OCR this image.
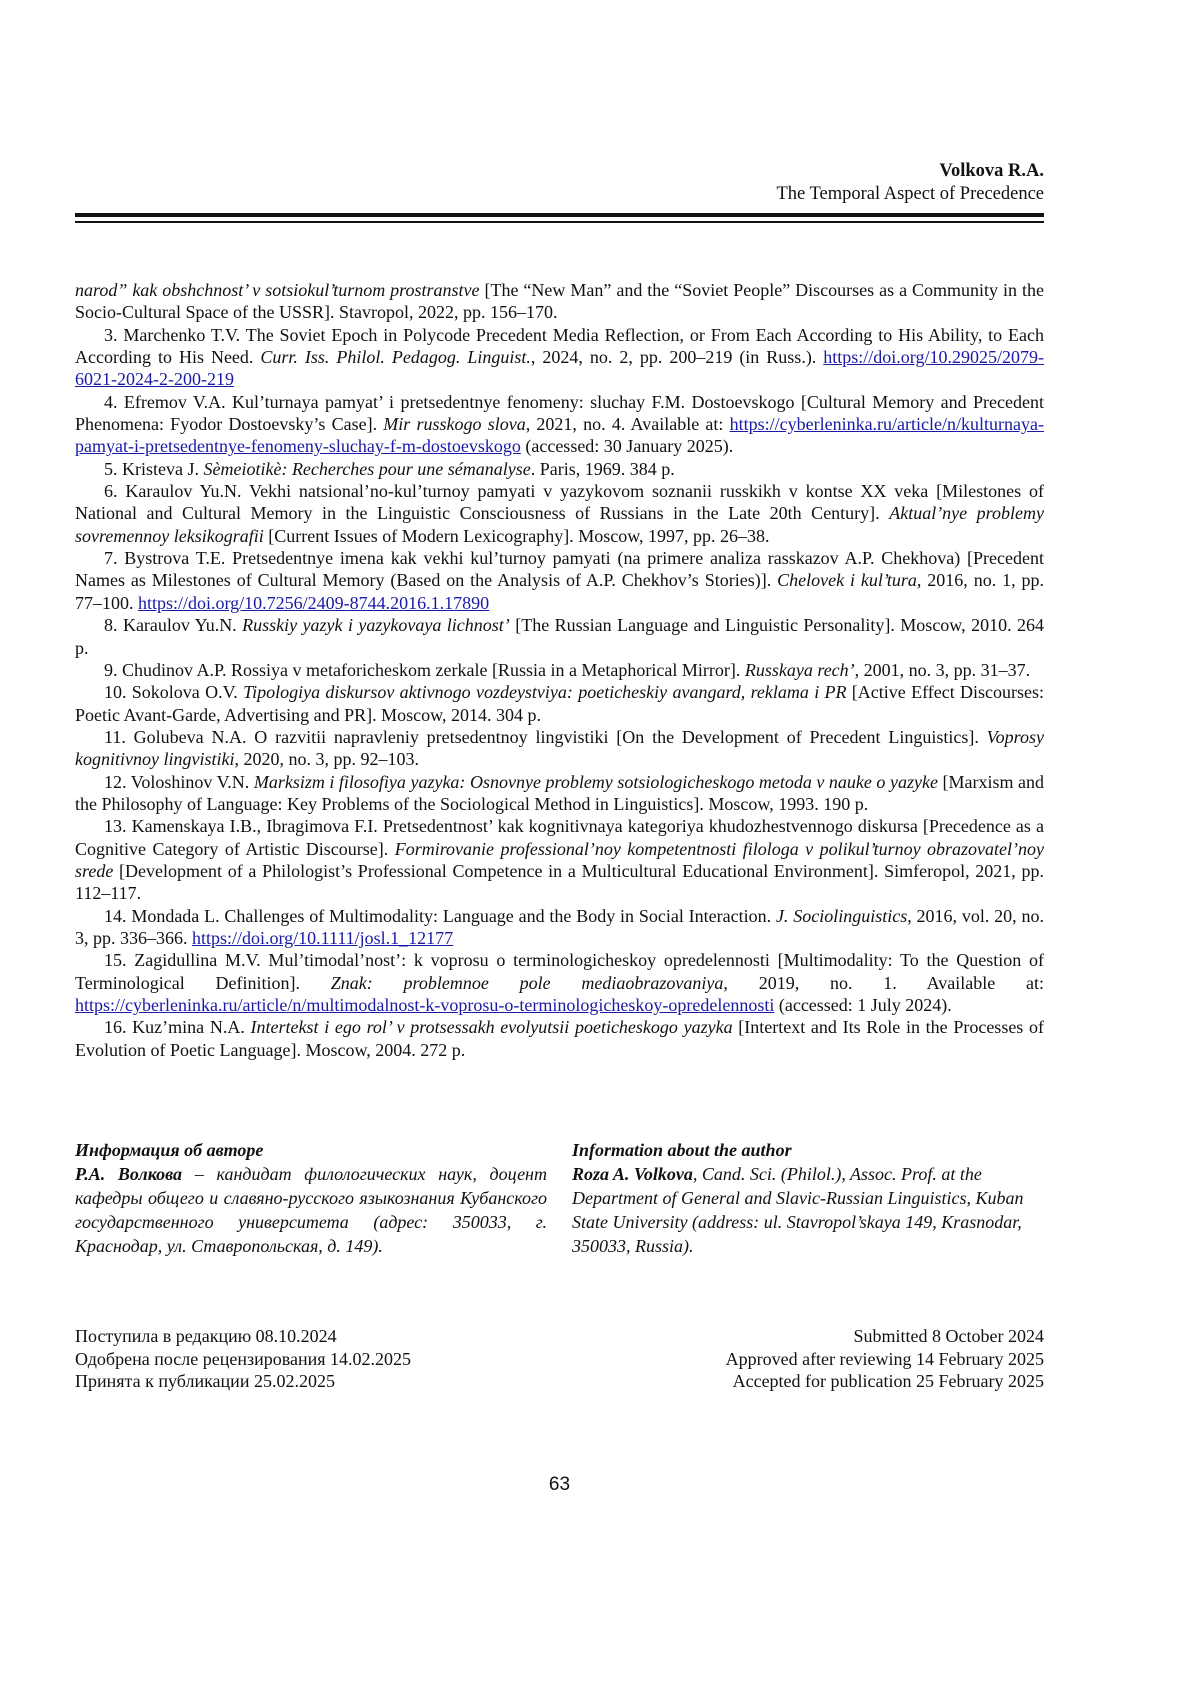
Volkova R.A.
The Temporal Aspect of Precedence

narod” kak obshchnost’ v sotsiokul’turnom prostranstve [The “New Man” and the “Soviet People” Discourses as a Community in the Socio-Cultural Space of the USSR]. Stavropol, 2022, pp. 156–170.

3. Marchenko T.V. The Soviet Epoch in Polycode Precedent Media Reflection, or From Each According to His Ability, to Each According to His Need. Curr. Iss. Philol. Pedagog. Linguist., 2024, no. 2, pp. 200–219 (in Russ.). https://doi.org/10.29025/2079-6021-2024-2-200-219

4. Efremov V.A. Kul’turnaya pamyat’ i pretsedentnye fenomeny: sluchay F.M. Dostoevskogo [Cultural Memory and Precedent Phenomena: Fyodor Dostoevsky’s Case]. Mir russkogo slova, 2021, no. 4. Available at: https://cyberleninka.ru/article/n/kulturnaya-pamyat-i-pretsedentnye-fenomeny-sluchay-f-m-dostoevskogo (accessed: 30 January 2025).

5. Kristeva J. Sèmeiotikè: Recherches pour une sémanalyse. Paris, 1969. 384 p.

6. Karaulov Yu.N. Vekhi natsional’no-kul’turnoy pamyati v yazykovom soznanii russkikh v kontse XX veka [Milestones of National and Cultural Memory in the Linguistic Consciousness of Russians in the Late 20th Century]. Aktual’nye problemy sovremennoy leksikografii [Current Issues of Modern Lexicography]. Moscow, 1997, pp. 26–38.

7. Bystrova T.E. Pretsedentnye imena kak vekhi kul’turnoy pamyati (na primere analiza rasskazov A.P. Chekhova) [Precedent Names as Milestones of Cultural Memory (Based on the Analysis of A.P. Chekhov’s Stories)]. Chelovek i kul’tura, 2016, no. 1, pp. 77–100. https://doi.org/10.7256/2409-8744.2016.1.17890

8. Karaulov Yu.N. Russkiy yazyk i yazykovaya lichnost’ [The Russian Language and Linguistic Personality]. Moscow, 2010. 264 p.

9. Chudinov A.P. Rossiya v metaforicheskom zerkale [Russia in a Metaphorical Mirror]. Russkaya rech’, 2001, no. 3, pp. 31–37.

10. Sokolova O.V. Tipologiya diskursov aktivnogo vozdeystviya: poeticheskiy avangard, reklama i PR [Active Effect Discourses: Poetic Avant-Garde, Advertising and PR]. Moscow, 2014. 304 p.

11. Golubeva N.A. O razvitii napravleniy pretsedentnoy lingvistiki [On the Development of Precedent Linguistics]. Voprosy kognitivnoy lingvistiki, 2020, no. 3, pp. 92–103.

12. Voloshinov V.N. Marksizm i filosofiya yazyka: Osnovnye problemy sotsiologicheskogo metoda v nauke o yazyke [Marxism and the Philosophy of Language: Key Problems of the Sociological Method in Linguistics]. Moscow, 1993. 190 p.

13. Kamenskaya I.B., Ibragimova F.I. Pretsedentnost’ kak kognitivnaya kategoriya khudozhestvennogo diskursa [Precedence as a Cognitive Category of Artistic Discourse]. Formirovanie professional’noy kompetentnosti filologa v polikul’turnoy obrazovatel’noy srede [Development of a Philologist’s Professional Competence in a Multicultural Educational Environment]. Simferopol, 2021, pp. 112–117.

14. Mondada L. Challenges of Multimodality: Language and the Body in Social Interaction. J. Sociolinguistics, 2016, vol. 20, no. 3, pp. 336–366. https://doi.org/10.1111/josl.1_12177

15. Zagidullina M.V. Mul’timodal’nost’: k voprosu o terminologicheskoy opredelennosti [Multimodality: To the Question of Terminological Definition]. Znak: problemnoe pole mediaobrazovaniya, 2019, no. 1. Available at: https://cyberleninka.ru/article/n/multimodalnost-k-voprosu-o-terminologicheskoy-opredelennosti (accessed: 1 July 2024).

16. Kuz’mina N.A. Intertekst i ego rol’ v protsessakh evolyutsii poeticheskogo yazyka [Intertext and Its Role in the Processes of Evolution of Poetic Language]. Moscow, 2004. 272 p.

Информация об авторе
Р.А. Волкова – кандидат филологических наук, доцент кафедры общего и славяно-русского языкознания Кубанского государственного университета (адрес: 350033, г. Краснодар, ул. Ставропольская, д. 149).
Information about the author
Roza A. Volkova, Cand. Sci. (Philol.), Assoc. Prof. at the Department of General and Slavic-Russian Linguistics, Kuban State University (address: ul. Stavropol’skaya 149, Krasnodar, 350033, Russia).
Поступила в редакцию 08.10.2024
Одобрена после рецензирования 14.02.2025
Принята к публикации 25.02.2025
Submitted 8 October 2024
Approved after reviewing 14 February 2025
Accepted for publication 25 February 2025
63
